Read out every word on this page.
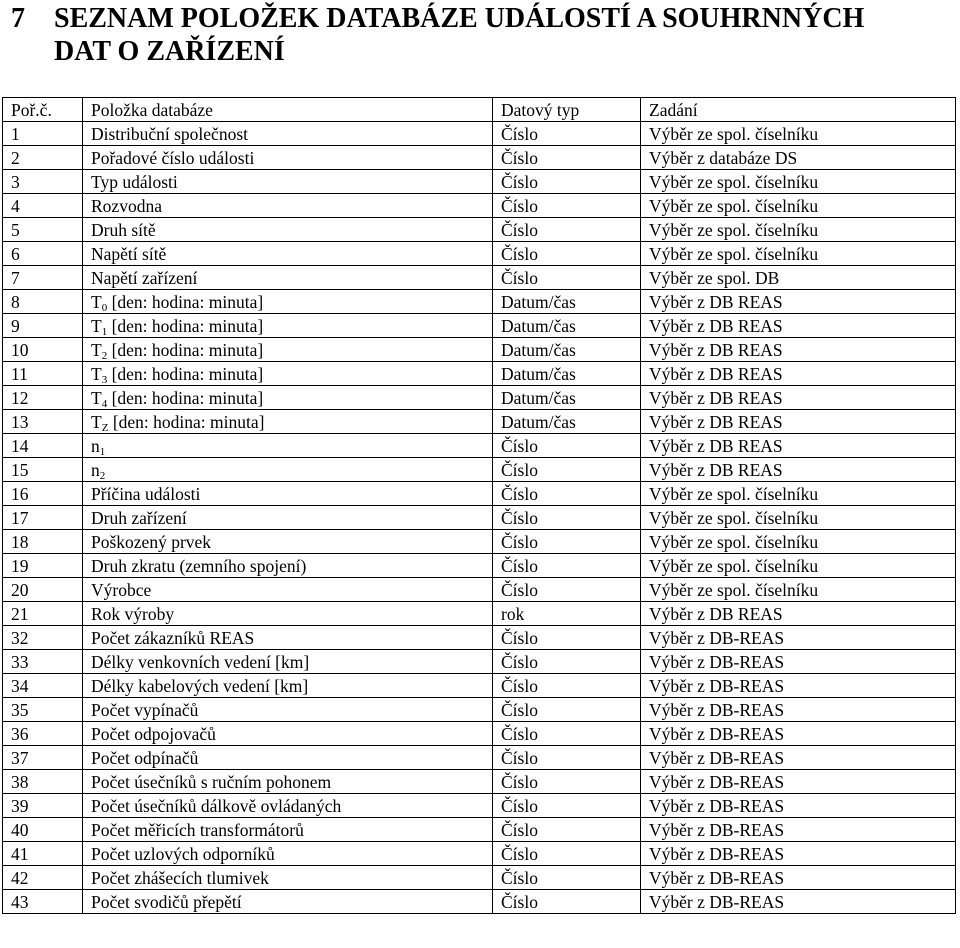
7 SEZNAM POLOŽEK DATABÁZE UDÁLOSTÍ A SOUHRNNÝCH
DAT O ZAŘÍZENÍ
Poř.č.	Položka databáze	Datový typ	Zadání
1	Distribuční společnost	Číslo	Výběr ze spol. číselníku
2	Pořadové číslo události	Číslo	Výběr z databáze DS
3	Typ události	Číslo	Výběr ze spol. číselníku
4	Rozvodna	Číslo	Výběr ze spol. číselníku
5	Druh sítě	Číslo	Výběr ze spol. číselníku
6	Napětí sítě	Číslo	Výběr ze spol. číselníku
7	Napětí zařízení	Číslo	Výběr ze spol. DB
8	$T_0$ [den: hodina: minuta]	Datum/čas	Výběr z DB REAS
9	$T_1$ [den: hodina: minuta]	Datum/čas	Výběr z DB REAS
10	$T_2$ [den: hodina: minuta]	Datum/čas	Výběr z DB REAS
11	$T_3$ [den: hodina: minuta]	Datum/čas	Výběr z DB REAS
12	$T_4$ [den: hodina: minuta]	Datum/čas	Výběr z DB REAS
13	$T_Z$ [den: hodina: minuta]	Datum/čas	Výběr z DB REAS
14	$n_1$	Číslo	Výběr z DB REAS
15	$n_2$	Číslo	Výběr z DB REAS
16	Příčina události	Číslo	Výběr ze spol. číselníku
17	Druh zařízení	Číslo	Výběr ze spol. číselníku
18	Poškozený prvek	Číslo	Výběr ze spol. číselníku
19	Druh zkratu (zemního spojení)	Číslo	Výběr ze spol. číselníku
20	Výrobce	Číslo	Výběr ze spol. číselníku
21	Rok výroby	rok	Výběr z DB REAS
32	Počet zákazníků REAS	Číslo	Výběr z DB-REAS
33	Délky venkovních vedení [km]	Číslo	Výběr z DB-REAS
34	Délky kabelových vedení [km]	Číslo	Výběr z DB-REAS
35	Počet vypínačů	Číslo	Výběr z DB-REAS
36	Počet odpojovačů	Číslo	Výběr z DB-REAS
37	Počet odpínačů	Číslo	Výběr z DB-REAS
38	Počet úsečníků s ručním pohonem	Číslo	Výběr z DB-REAS
39	Počet úsečníků dálkově ovládaných	Číslo	Výběr z DB-REAS
40	Počet měřicích transformátorů	Číslo	Výběr z DB-REAS
41	Počet uzlových odporníků	Číslo	Výběr z DB-REAS
42	Počet zhášecích tlumivek	Číslo	Výběr z DB-REAS
43	Počet svodičů přepětí	Číslo	Výběr z DB-REAS
